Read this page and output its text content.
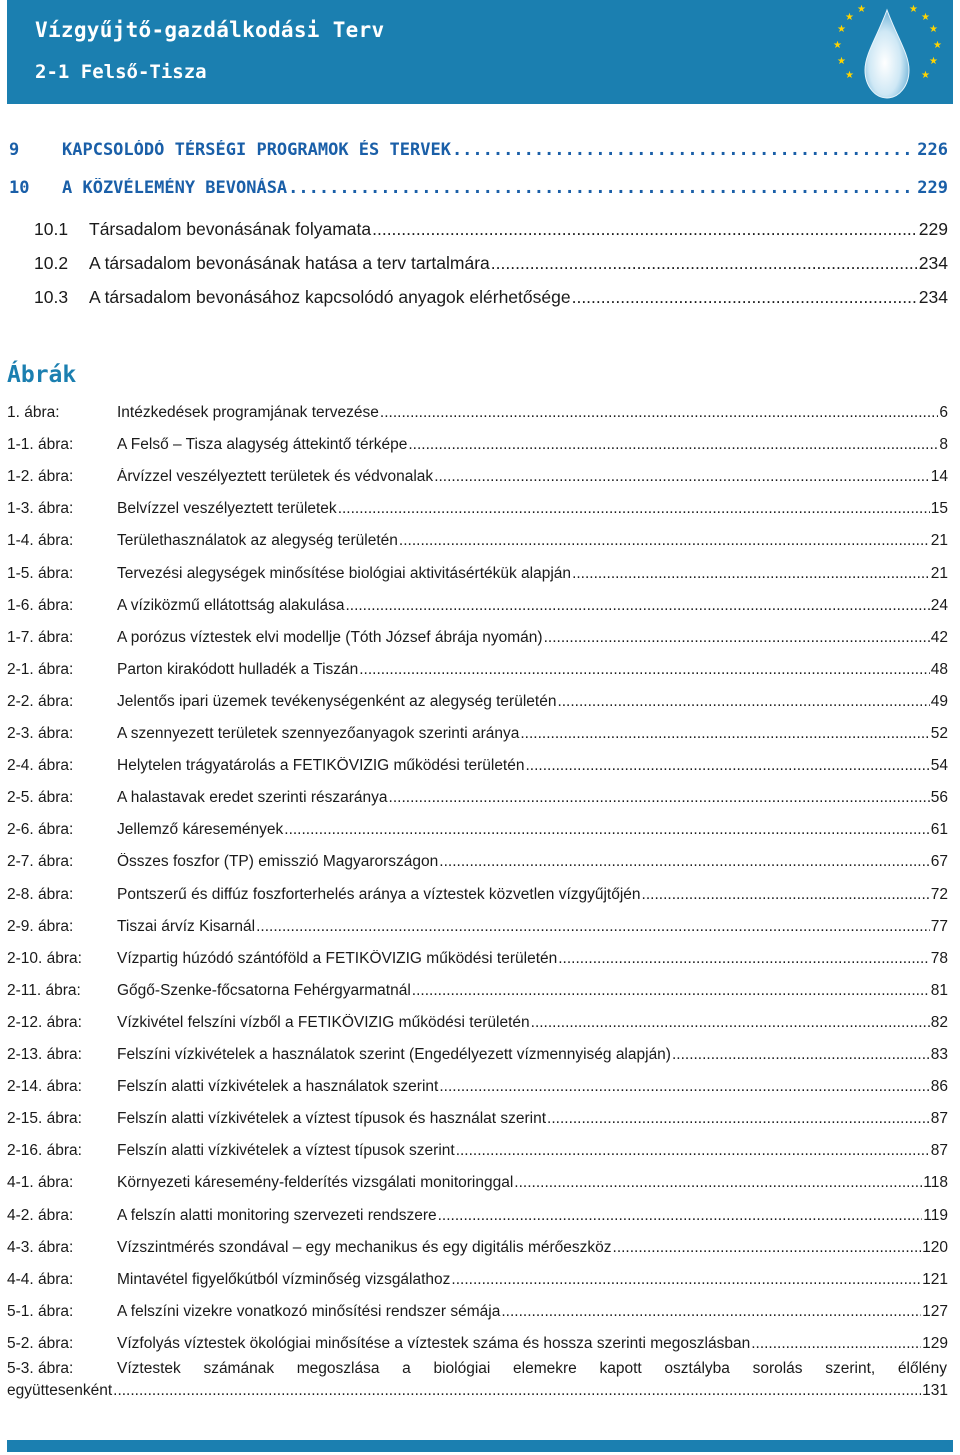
Vízgyűjtő-gazdálkodási Terv
2-1 Felső-Tisza
★
★
★	★
★
★
★	★
★	★
★	★
9	KAPCSOLÓDÓ TÉRSÉGI PROGRAMOK ÉS TERVEK .....	226
10 A KÖZVÉLEMÉNY BEVONÁSA .....	229
10.1 Társadalom bevonásának folyamata .....	229
10.2 A társadalom bevonásának hatása a terv tartalmára .....	234
10.3 A társadalom bevonásához kapcsolódó anyagok elérhetősége .....	234
Ábrák
1. ábra:	Intézkedések programjának tervezése .....	6
1-1. ábra:	A Felső – Tisza alagység áttekintő térképe .....	8
1-2. ábra:	Árvízzel veszélyeztett területek és védvonalak .....	14
1-3. ábra:	Belvízzel veszélyeztett területek .....	15
1-4. ábra:	Területhasználatok az alegység területén .....	21
1-5. ábra:	Tervezési alegységek minősítése biológiai aktivitásértékük alapján .....	21
1-6. ábra:	A víziközmű ellátottság alakulása .....	24
1-7. ábra:	A porózus víztestek elvi modellje (Tóth József ábrája nyomán) .....	42
2-1. ábra:	Parton kirakódott hulladék a Tiszán .....	48
2-2. ábra:	Jelentős ipari üzemek tevékenységenként az alegység területén .....	49
2-3. ábra:	A szennyezett területek szennyezőanyagok szerinti aránya .....	52
2-4. ábra:	Helytelen trágyatárolás a FETIKÖVIZIG működési területén .....	54
2-5. ábra:	A halastavak eredet szerinti részaránya .....	56
2-6. ábra:	Jellemző káresemények .....	61
2-7. ábra:	Összes foszfor (TP) emisszió Magyarországon .....	67
2-8. ábra:	Pontszerű és diffúz foszforterhelés aránya a víztestek közvetlen vízgyűjtőjén .....	72
2-9. ábra:	Tiszai árvíz Kisarnál .....	77
2-10. ábra: Vízpartig húzódó szántóföld a FETIKÖVIZIG működési területén .....	78
2-11. ábra: Gőgő-Szenke-főcsatorna Fehérgyarmatnál .....	81
2-12. ábra: Vízkivétel felszíni vízből a FETIKÖVIZIG működési területén .....	82
2-13. ábra: Felszíni vízkivételek a használatok szerint (Engedélyezett vízmennyiség alapján) .....	83
2-14. ábra: Felszín alatti vízkivételek a használatok szerint .....	86
2-15. ábra: Felszín alatti vízkivételek a víztest típusok és használat szerint .....	87
2-16. ábra: Felszín alatti vízkivételek a víztest típusok szerint .....	87
4-1. ábra:	Környezeti káresemény-felderítés vizsgálati monitoringgal .....	118
4-2. ábra:	A felszín alatti monitoring szervezeti rendszere .....	119
4-3. ábra:	Vízszintmérés szondával – egy mechanikus és egy digitális mérőeszköz .....	120
4-4. ábra:	Mintavétel figyelőkútból vízminőség vizsgálathoz .....	121
5-1. ábra:	A felszíni vizekre vonatkozó minősítési rendszer sémája .....	127
5-2. ábra:	Vízfolyás víztestek ökológiai minősítése a víztestek száma és hossza szerinti megoszlásban .....	129
5-3. ábra:	Víztestek számának megoszlása a biológiai elemekre kapott osztályba sorolás szerint, élőlény
együttesenként .....	131
